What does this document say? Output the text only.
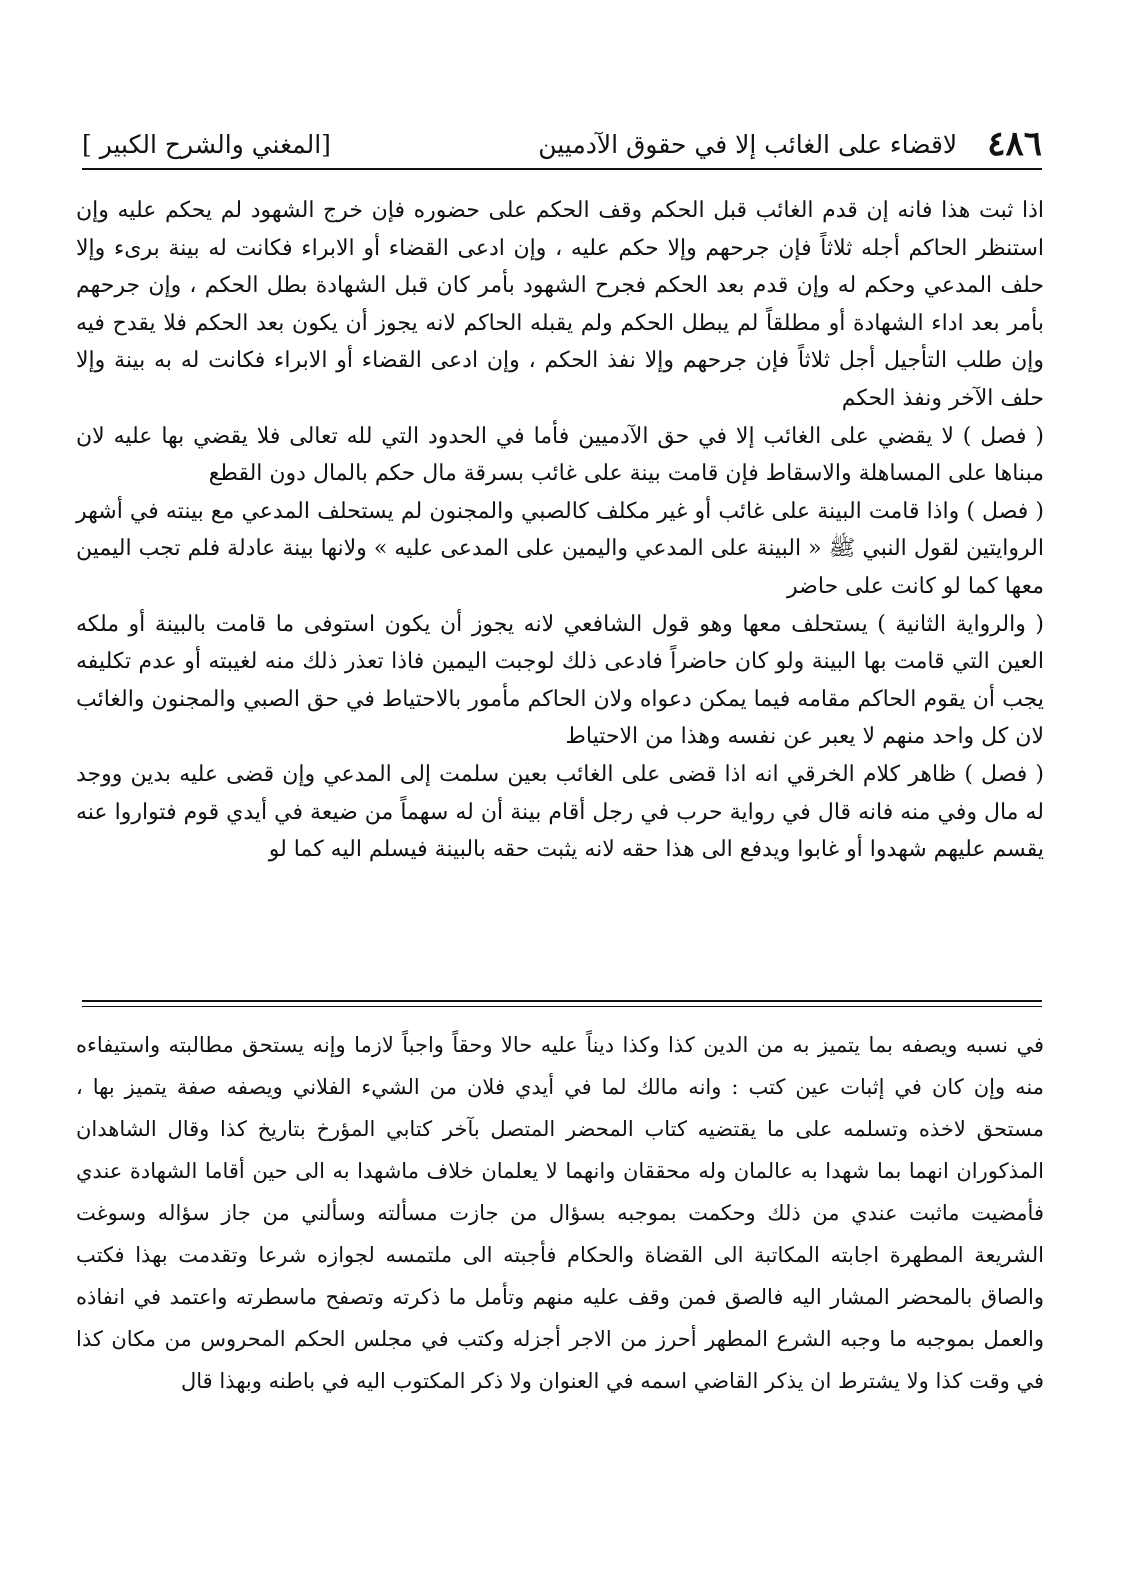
٤٨٦
لاقضاء على الغائب إلا في حقوق الآدميين
[المغني والشرح الكبير ]

اذا ثبت هذا فانه إن قدم الغائب قبل الحكم وقف الحكم على حضوره فإن خرج الشهود لم يحكم عليه وإن استنظر الحاكم أجله ثلاثاً فإن جرحهم وإلا حكم عليه ، وإن ادعى القضاء أو الابراء فكانت له بينة برىء وإلا حلف المدعي وحكم له وإن قدم بعد الحكم فجرح الشهود بأمر كان قبل الشهادة بطل الحكم ، وإن جرحهم بأمر بعد اداء الشهادة أو مطلقاً لم يبطل الحكم ولم يقبله الحاكم لانه يجوز أن يكون بعد الحكم فلا يقدح فيه وإن طلب التأجيل أجل ثلاثاً فإن جرحهم وإلا نفذ الحكم ، وإن ادعى القضاء أو الابراء فكانت له به بينة وإلا حلف الآخر ونفذ الحكم

( فصل ) لا يقضي على الغائب إلا في حق الآدميين فأما في الحدود التي لله تعالى فلا يقضي بها عليه لان مبناها على المساهلة والاسقاط فإن قامت بينة على غائب بسرقة مال حكم بالمال دون القطع

( فصل ) واذا قامت البينة على غائب أو غير مكلف كالصبي والمجنون لم يستحلف المدعي مع بينته في أشهر الروايتين لقول النبي ﷺ « البينة على المدعي واليمين على المدعى عليه » ولانها بينة عادلة فلم تجب اليمين معها كما لو كانت على حاضر

( والرواية الثانية ) يستحلف معها وهو قول الشافعي لانه يجوز أن يكون استوفى ما قامت بالبينة أو ملكه العين التي قامت بها البينة ولو كان حاضراً فادعى ذلك لوجبت اليمين فاذا تعذر ذلك منه لغيبته أو عدم تكليفه يجب أن يقوم الحاكم مقامه فيما يمكن دعواه ولان الحاكم مأمور بالاحتياط في حق الصبي والمجنون والغائب لان كل واحد منهم لا يعبر عن نفسه وهذا من الاحتياط

( فصل ) ظاهر كلام الخرقي انه اذا قضى على الغائب بعين سلمت إلى المدعي وإن قضى عليه بدين ووجد له مال وفي منه فانه قال في رواية حرب في رجل أقام بينة أن له سهماً من ضيعة في أيدي قوم فتواروا عنه يقسم عليهم شهدوا أو غابوا ويدفع الى هذا حقه لانه يثبت حقه بالبينة فيسلم اليه كما لو

في نسبه ويصفه بما يتميز به من الدين كذا وكذا ديناً عليه حالا وحقاً واجباً لازما وإنه يستحق مطالبته واستيفاءه منه وإن كان في إثبات عين كتب : وانه مالك لما في أيدي فلان من الشيء الفلاني ويصفه صفة يتميز بها ، مستحق لاخذه وتسلمه على ما يقتضيه كتاب المحضر المتصل بآخر كتابي المؤرخ بتاريخ كذا وقال الشاهدان المذكوران انهما بما شهدا به عالمان وله محققان وانهما لا يعلمان خلاف ماشهدا به الى حين أقاما الشهادة عندي فأمضيت ماثبت عندي من ذلك وحكمت بموجبه بسؤال من جازت مسألته وسألني من جاز سؤاله وسوغت الشريعة المطهرة اجابته المكاتبة الى القضاة والحكام فأجبته الى ملتمسه لجوازه شرعا وتقدمت بهذا فكتب والصاق بالمحضر المشار اليه فالصق فمن وقف عليه منهم وتأمل ما ذكرته وتصفح ماسطرته واعتمد في انفاذه والعمل بموجبه ما وجبه الشرع المطهر أحرز من الاجر أجزله وكتب في مجلس الحكم المحروس من مكان كذا في وقت كذا ولا يشترط ان يذكر القاضي اسمه في العنوان ولا ذكر المكتوب اليه في باطنه وبهذا قال
